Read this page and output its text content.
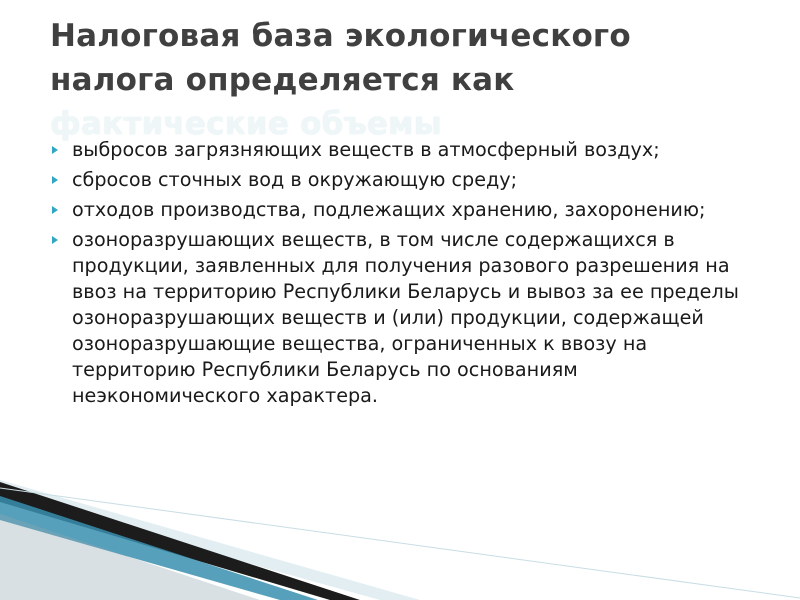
Налоговая база экологического
налога определяется как
фактические объемы
выбросов загрязняющих веществ в атмосферный воздух;
сбросов сточных вод в окружающую среду;
отходов производства, подлежащих хранению, захоронению;
озоноразрушающих веществ, в том числе содержащихся в продукции, заявленных для получения разового разрешения на ввоз на территорию Республики Беларусь и вывоз за ее пределы озоноразрушающих веществ и (или) продукции, содержащей озоноразрушающие вещества, ограниченных к ввозу на территорию Республики Беларусь по основаниям неэкономического характера.
